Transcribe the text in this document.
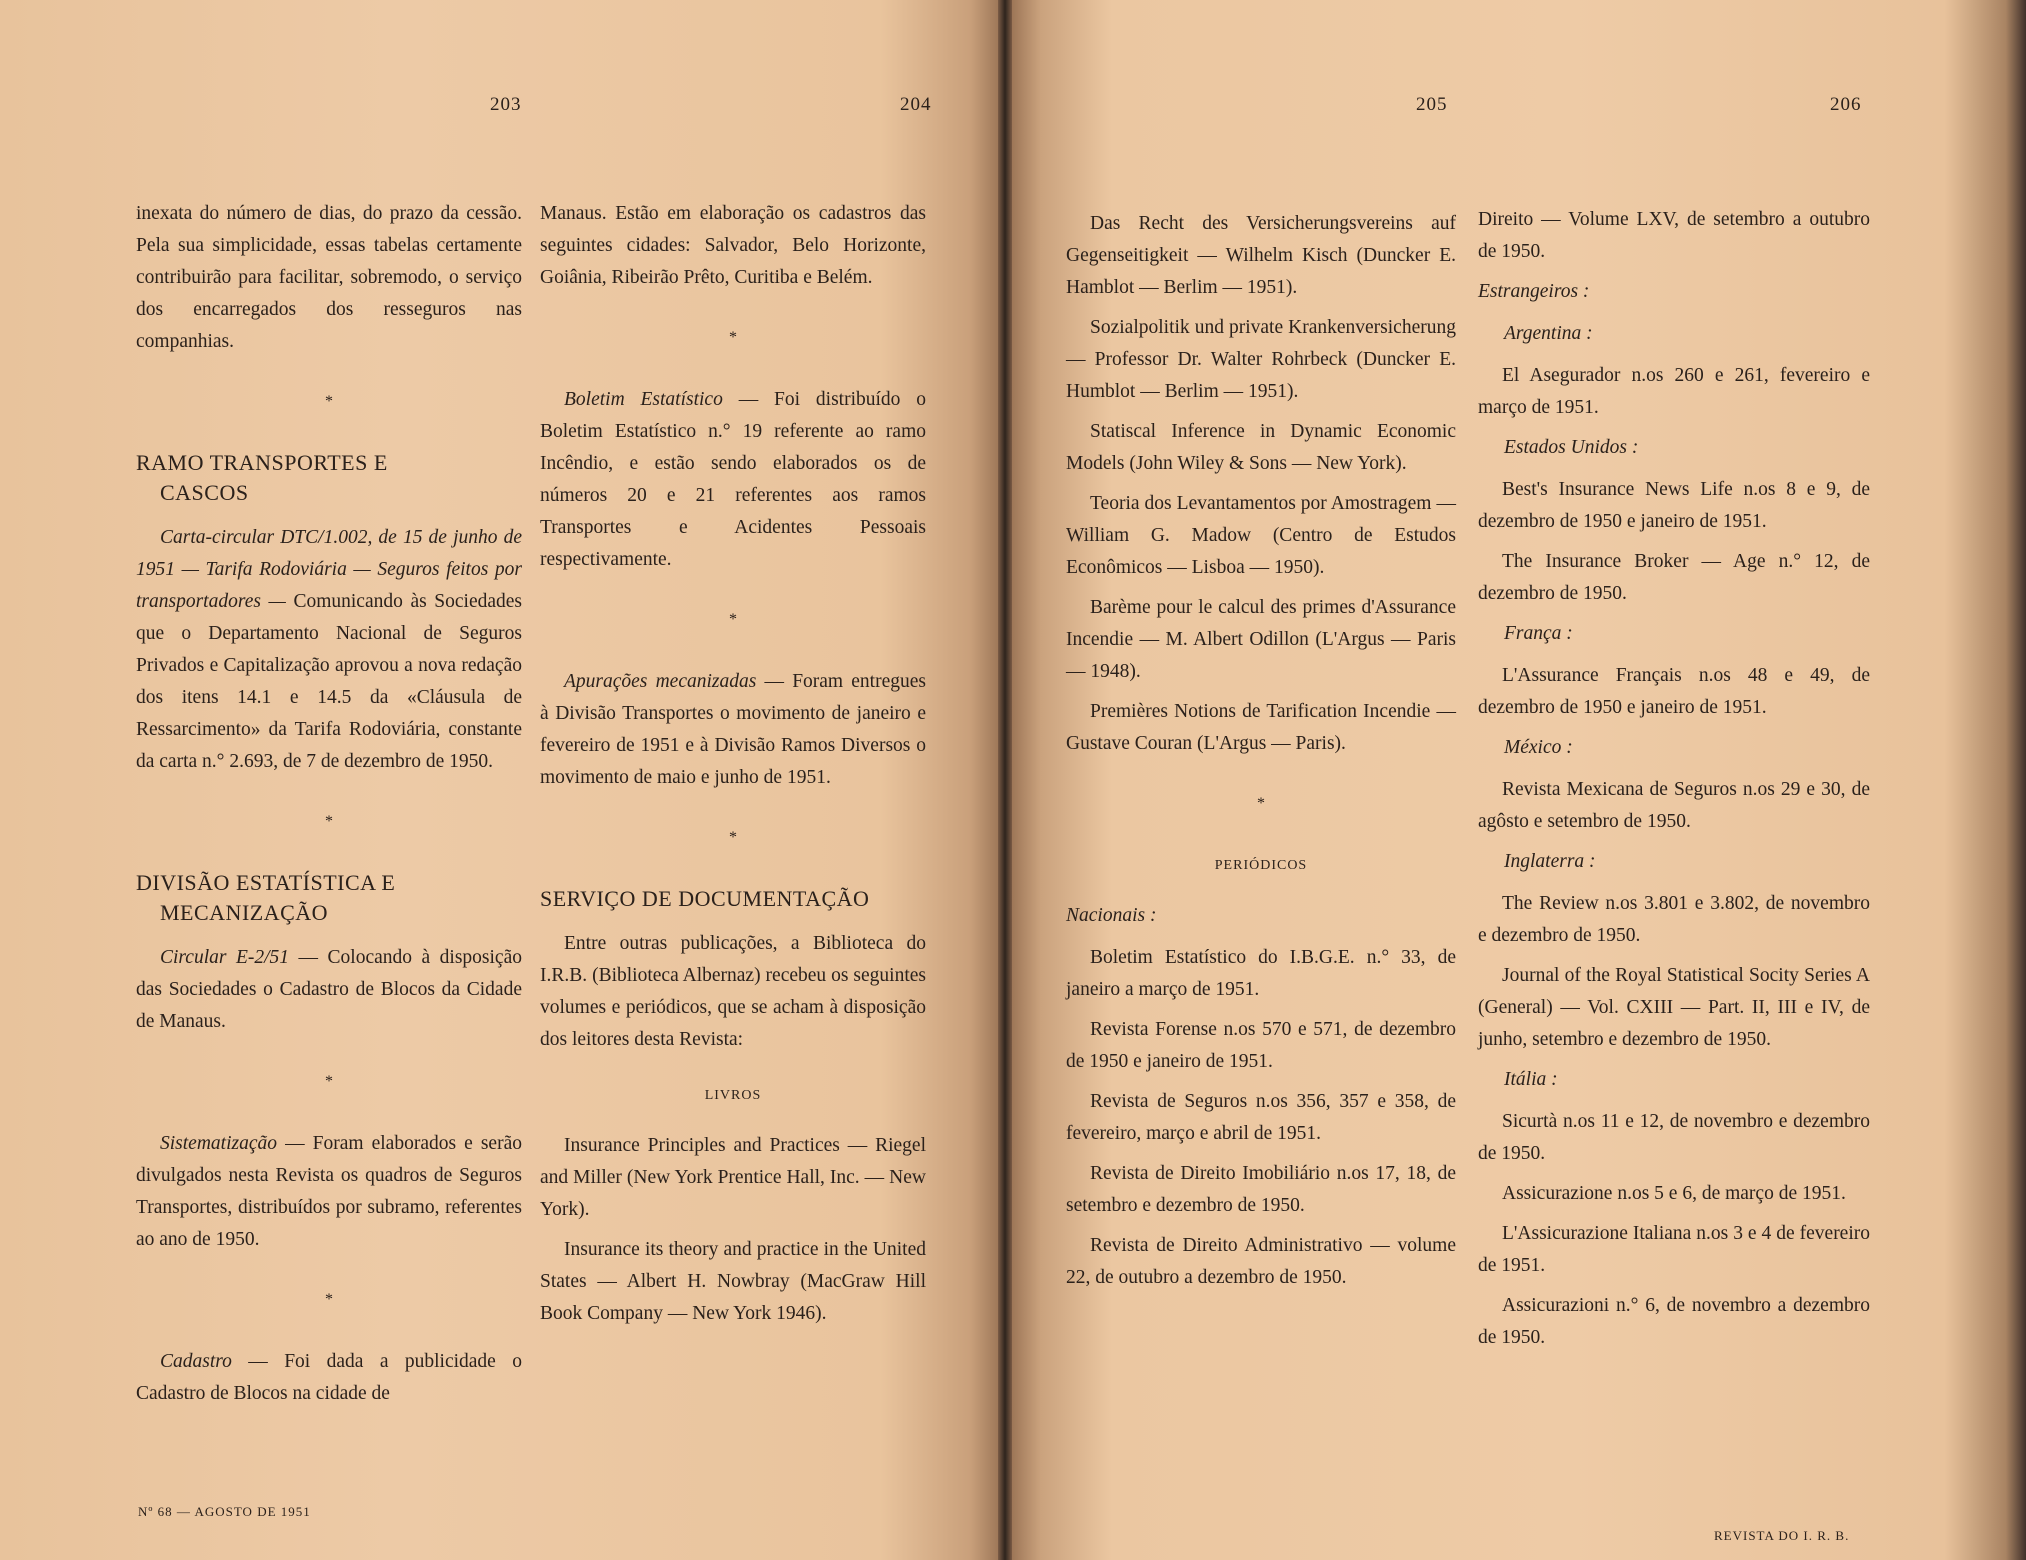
203	204	205	206

inexata do número de dias, do prazo da cessão. Pela sua simplicidade, essas tabelas certamente contribuirão para facilitar, sobremodo, o serviço dos encarregados dos resseguros nas companhias.

*
RAMO TRANSPORTES E
CASCOS

Carta-circular DTC/1.002, de 15 de junho de 1951 — Tarifa Rodoviária — Seguros feitos por transportadores — Comunicando às Sociedades que o Departamento Nacional de Seguros Privados e Capitalização aprovou a nova redação dos itens 14.1 e 14.5 da «Cláusula de Ressarcimento» da Tarifa Rodoviária, constante da carta n.° 2.693, de 7 de dezembro de 1950.

*
DIVISÃO ESTATÍSTICA E
MECANIZAÇÃO

Circular E-2/51 — Colocando à disposição das Sociedades o Cadastro de Blocos da Cidade de Manaus.

*

Sistematização — Foram elaborados e serão divulgados nesta Revista os quadros de Seguros Transportes, distribuídos por subramo, referentes ao ano de 1950.

*

Cadastro — Foi dada a publicidade o Cadastro de Blocos na cidade de

Manaus. Estão em elaboração os cadastros das seguintes cidades: Salvador, Belo Horizonte, Goiânia, Ribeirão Prêto, Curitiba e Belém.

*

Boletim Estatístico — Foi distribuído o Boletim Estatístico n.° 19 referente ao ramo Incêndio, e estão sendo elaborados os de números 20 e 21 referentes aos ramos Transportes e Acidentes Pessoais respectivamente.

*

Apurações mecanizadas — Foram entregues à Divisão Transportes o movimento de janeiro e fevereiro de 1951 e à Divisão Ramos Diversos o movimento de maio e junho de 1951.

*
SERVIÇO DE DOCUMENTAÇÃO

Entre outras publicações, a Biblioteca do I.R.B. (Biblioteca Albernaz) recebeu os seguintes volumes e periódicos, que se acham à disposição dos leitores desta Revista:

LIVROS

Insurance Principles and Practices — Riegel and Miller (New York Prentice Hall, Inc. — New York).

Insurance its theory and practice in the United States — Albert H. Nowbray (MacGraw Hill Book Company — New York 1946).

Das Recht des Versicherungsvereins auf Gegenseitigkeit — Wilhelm Kisch (Duncker E. Hamblot — Berlim — 1951).

Sozialpolitik und private Krankenversicherung — Professor Dr. Walter Rohrbeck (Duncker E. Humblot — Berlim — 1951).

Statiscal Inference in Dynamic Economic Models (John Wiley & Sons — New York).

Teoria dos Levantamentos por Amostragem — William G. Madow (Centro de Estudos Econômicos — Lisboa — 1950).

Barème pour le calcul des primes d'Assurance Incendie — M. Albert Odillon (L'Argus — Paris — 1948).

Premières Notions de Tarification Incendie — Gustave Couran (L'Argus — Paris).

*
PERIÓDICOS
Nacionais :

Boletim Estatístico do I.B.G.E. n.° 33, de janeiro a março de 1951.

Revista Forense n.os 570 e 571, de dezembro de 1950 e janeiro de 1951.

Revista de Seguros n.os 356, 357 e 358, de fevereiro, março e abril de 1951.

Revista de Direito Imobiliário n.os 17, 18, de setembro e dezembro de 1950.

Revista de Direito Administrativo — volume 22, de outubro a dezembro de 1950.

Direito — Volume LXV, de setembro a outubro de 1950.

Estrangeiros :
Argentina :

El Asegurador n.os 260 e 261, fevereiro e março de 1951.

Estados Unidos :

Best's Insurance News Life n.os 8 e 9, de dezembro de 1950 e janeiro de 1951.

The Insurance Broker — Age n.° 12, de dezembro de 1950.

França :

L'Assurance Français n.os 48 e 49, de dezembro de 1950 e janeiro de 1951.

México :

Revista Mexicana de Seguros n.os 29 e 30, de agôsto e setembro de 1950.

Inglaterra :

The Review n.os 3.801 e 3.802, de novembro e dezembro de 1950.

Journal of the Royal Statistical Socity Series A (General) — Vol. CXIII — Part. II, III e IV, de junho, setembro e dezembro de 1950.

Itália :

Sicurtà n.os 11 e 12, de novembro e dezembro de 1950.

Assicurazione n.os 5 e 6, de março de 1951.

L'Assicurazione Italiana n.os 3 e 4 de fevereiro de 1951.

Assicurazioni n.° 6, de novembro a dezembro de 1950.

Nº 68 — AGOSTO DE 1951
REVISTA DO I. R. B.
